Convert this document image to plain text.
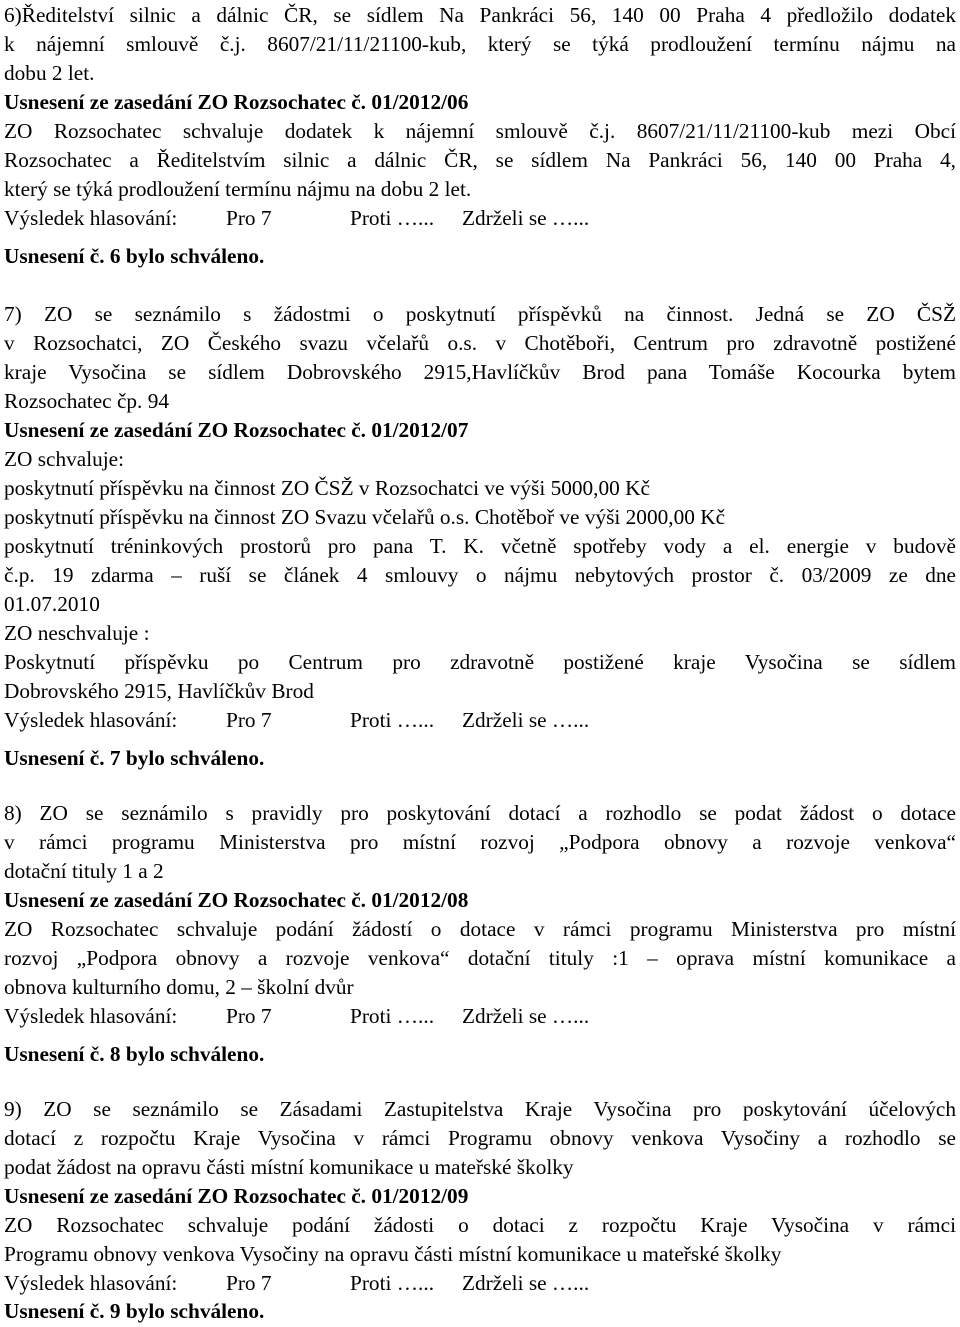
6)Ředitelství silnic a dálnic ČR, se sídlem Na Pankráci 56, 140 00 Praha 4 předložilo dodatek
k nájemní smlouvě č.j. 8607/21/11/21100-kub, který se týká prodloužení termínu nájmu na
dobu 2 let.
Usnesení ze zasedání ZO Rozsochatec č. 01/2012/06
ZO Rozsochatec schvaluje dodatek k nájemní smlouvě č.j. 8607/21/11/21100-kub mezi Obcí
Rozsochatec a Ředitelstvím silnic a dálnic ČR, se sídlem Na Pankráci 56, 140 00 Praha 4,
který se týká prodloužení termínu nájmu na dobu 2 let.
Výsledek hlasování: Pro 7	Proti …... Zdrželi se …...
Usnesení č. 6 bylo schváleno.
7) ZO se seznámilo s žádostmi o poskytnutí příspěvků na činnost. Jedná se ZO ČSŽ
v Rozsochatci, ZO Českého svazu včelařů o.s. v Chotěboři, Centrum pro zdravotně postižené
kraje Vysočina se sídlem Dobrovského 2915,Havlíčkův Brod pana Tomáše Kocourka bytem
Rozsochatec čp. 94
Usnesení ze zasedání ZO Rozsochatec č. 01/2012/07
ZO schvaluje:
poskytnutí příspěvku na činnost ZO ČSŽ v Rozsochatci ve výši 5000,00 Kč
poskytnutí příspěvku na činnost ZO Svazu včelařů o.s. Chotěboř ve výši 2000,00 Kč
poskytnutí tréninkových prostorů pro pana T. K. včetně spotřeby vody a el. energie v budově
č.p. 19 zdarma – ruší se článek 4 smlouvy o nájmu nebytových prostor č. 03/2009 ze dne
01.07.2010
ZO neschvaluje :
Poskytnutí příspěvku po Centrum pro zdravotně postižené kraje Vysočina se sídlem
Dobrovského 2915, Havlíčkův Brod
Výsledek hlasování: Pro 7	Proti …... Zdrželi se …...
Usnesení č. 7 bylo schváleno.
8) ZO se seznámilo s pravidly pro poskytování dotací a rozhodlo se podat žádost o dotace
v rámci programu Ministerstva pro místní rozvoj „Podpora obnovy a rozvoje venkova“
dotační tituly 1 a 2
Usnesení ze zasedání ZO Rozsochatec č. 01/2012/08
ZO Rozsochatec schvaluje podání žádostí o dotace v rámci programu Ministerstva pro místní
rozvoj „Podpora obnovy a rozvoje venkova“ dotační tituly :1 – oprava místní komunikace a
obnova kulturního domu, 2 – školní dvůr
Výsledek hlasování: Pro 7	Proti …... Zdrželi se …...
Usnesení č. 8 bylo schváleno.
9) ZO se seznámilo se Zásadami Zastupitelstva Kraje Vysočina pro poskytování účelových
dotací z rozpočtu Kraje Vysočina v rámci Programu obnovy venkova Vysočiny a rozhodlo se
podat žádost na opravu části místní komunikace u mateřské školky
Usnesení ze zasedání ZO Rozsochatec č. 01/2012/09
ZO Rozsochatec schvaluje podání žádosti o dotaci z rozpočtu Kraje Vysočina v rámci
Programu obnovy venkova Vysočiny na opravu části místní komunikace u mateřské školky
Výsledek hlasování: Pro 7	Proti …... Zdrželi se …...
Usnesení č. 9 bylo schváleno.
